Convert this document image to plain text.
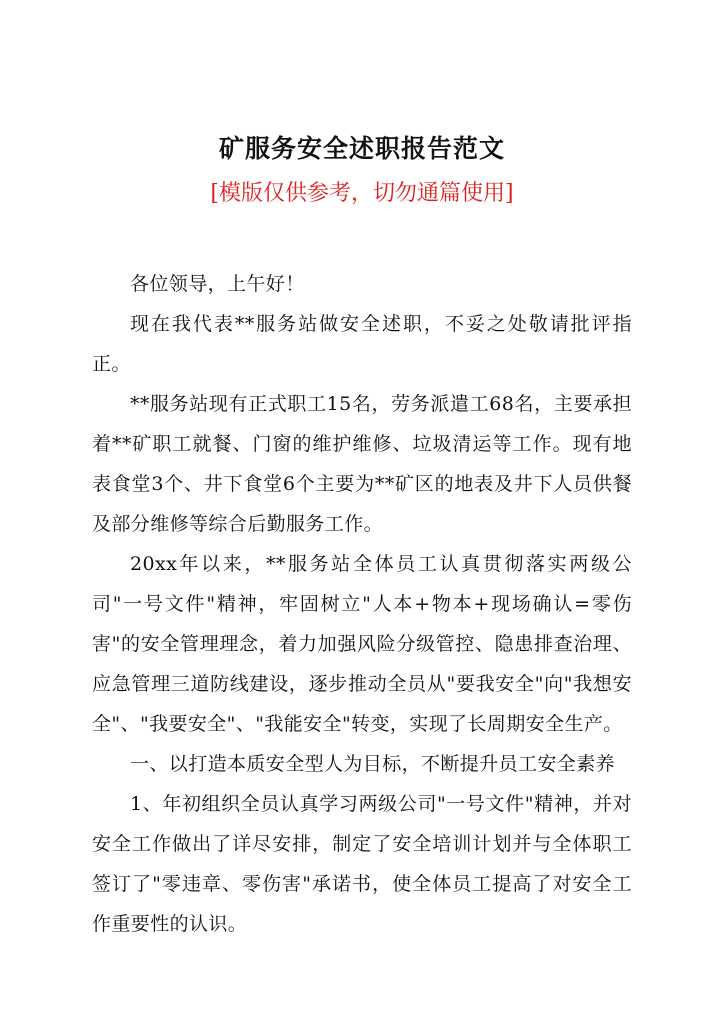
矿服务安全述职报告范文
[模版仅供参考，切勿通篇使用]

各位领导，上午好！

现在我代表**服务站做安全述职，不妥之处敬请批评指正。

**服务站现有正式职工15名，劳务派遣工68名，主要承担着**矿职工就餐、门窗的维护维修、垃圾清运等工作。现有地表食堂3个、井下食堂6个主要为**矿区的地表及井下人员供餐及部分维修等综合后勤服务工作。

20xx年以来，**服务站全体员工认真贯彻落实两级公司"一号文件"精神，牢固树立"人本+物本+现场确认=零伤害"的安全管理理念，着力加强风险分级管控、隐患排查治理、应急管理三道防线建设，逐步推动全员从"要我安全"向"我想安全"、"我要安全"、"我能安全"转变，实现了长周期安全生产。

一、以打造本质安全型人为目标，不断提升员工安全素养

1、年初组织全员认真学习两级公司"一号文件"精神，并对安全工作做出了详尽安排，制定了安全培训计划并与全体职工签订了"零违章、零伤害"承诺书，使全体员工提高了对安全工作重要性的认识。
